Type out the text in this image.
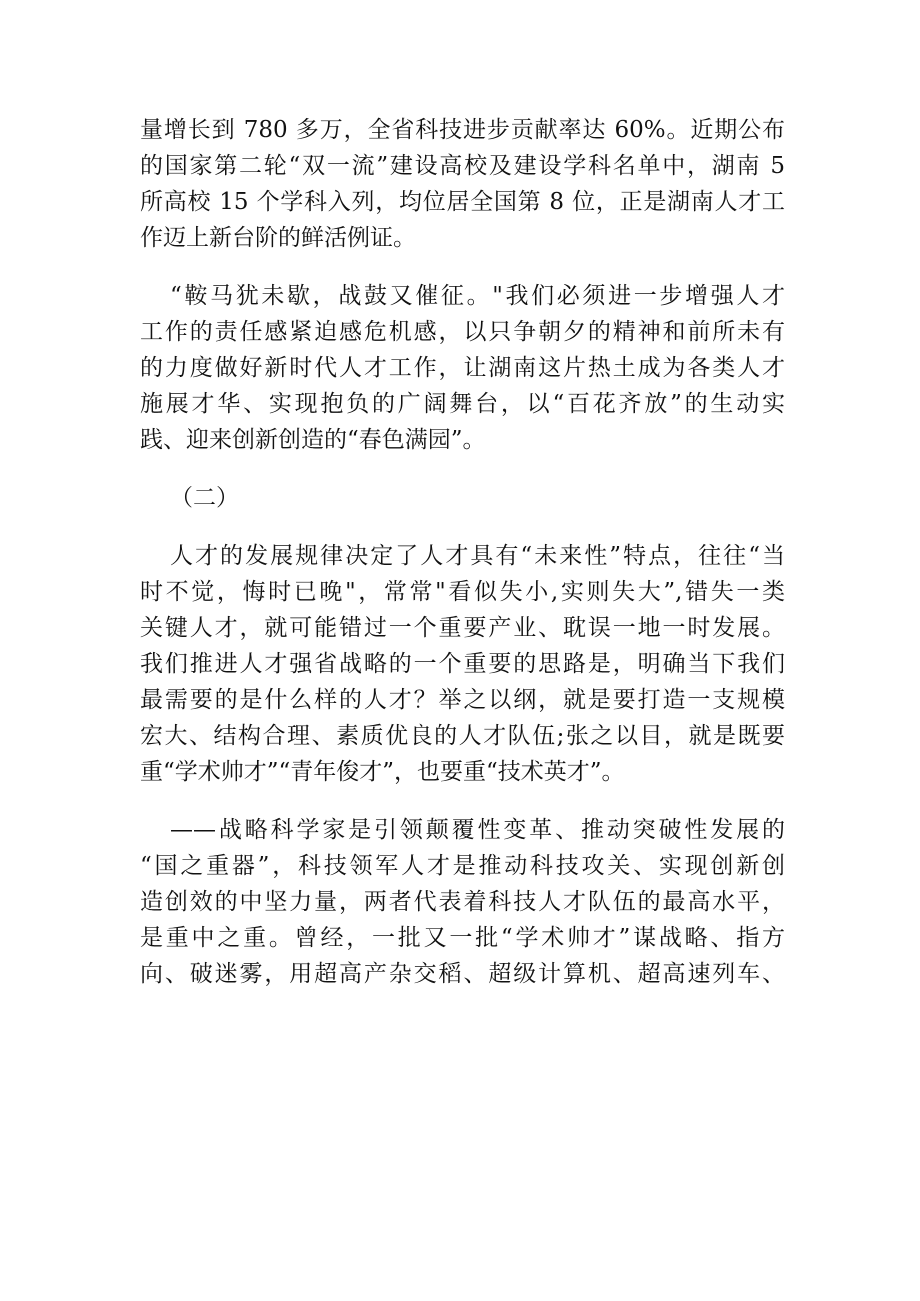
量增长到 780 多万，全省科技进步贡献率达 60%。近期公布
的国家第二轮“双一流”建设高校及建设学科名单中，湖南 5
所高校 15 个学科入列，均位居全国第 8 位，正是湖南人才工
作迈上新台阶的鲜活例证。
“鞍马犹未歇，战鼓又催征。"我们必须进一步增强人才
工作的责任感紧迫感危机感，以只争朝夕的精神和前所未有
的力度做好新时代人才工作，让湖南这片热土成为各类人才
施展才华、实现抱负的广阔舞台，以“百花齐放”的生动实
践、迎来创新创造的“春色满园”。
（二）
人才的发展规律决定了人才具有“未来性”特点，往往“当
时不觉，悔时已晚"，常常"看似失小,实则失大”,错失一类
关键人才，就可能错过一个重要产业、耽误一地一时发展。
我们推进人才强省战略的一个重要的思路是，明确当下我们
最需要的是什么样的人才？举之以纲，就是要打造一支规模
宏大、结构合理、素质优良的人才队伍;张之以目，就是既要
重“学术帅才”“青年俊才”，也要重“技术英才”。
——战略科学家是引领颠覆性变革、推动突破性发展的
“国之重器”，科技领军人才是推动科技攻关、实现创新创
造创效的中坚力量，两者代表着科技人才队伍的最高水平，
是重中之重。曾经，一批又一批“学术帅才”谋战略、指方
向、破迷雾，用超高产杂交稻、超级计算机、超高速列车、
